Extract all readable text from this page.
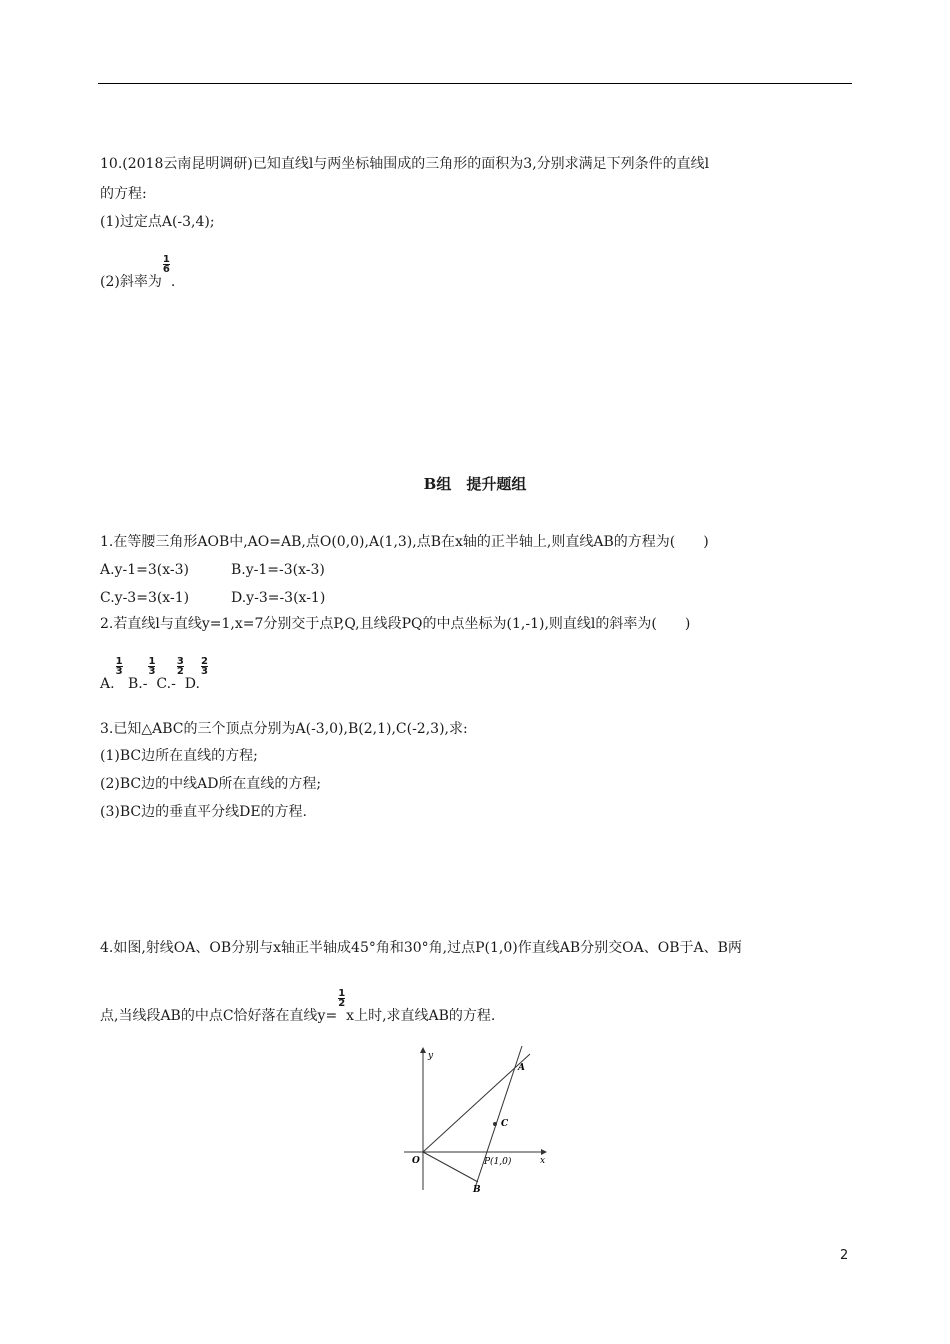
10.(2018云南昆明调研)已知直线l与两坐标轴围成的三角形的面积为3,分别求满足下列条件的直线l
的方程:
(1)过定点A(-3,4);
(2)斜率为
$\frac{1}{6}$
.
B组　提升题组
1.在等腰三角形AOB中,AO=AB,点O(0,0),A(1,3),点B在x轴的正半轴上,则直线AB的方程为(　　)
A.y-1=3(x-3)	B.y-1=-3(x-3)
C.y-3=3(x-1)	D.y-3=-3(x-1)
2.若直线l与直线y=1,x=7分别交于点P,Q,且线段PQ的中点坐标为(1,-1),则直线l的斜率为(　　)
A.
$\frac{1}{3}$
B.-
$\frac{1}{3}$
C.-
$\frac{3}{2}$
D.
$\frac{2}{3}$
3.已知△ABC的三个顶点分别为A(-3,0),B(2,1),C(-2,3),求:
(1)BC边所在直线的方程;
(2)BC边的中线AD所在直线的方程;
(3)BC边的垂直平分线DE的方程.
4.如图,射线OA、OB分别与x轴正半轴成45°角和30°角,过点P(1,0)作直线AB分别交OA、OB于A、B两
点,当线段AB的中点C恰好落在直线y=
$\frac{1}{2}$
x上时,求直线AB的方程.
y
x
O
A
B
C
P(1,0)
2
